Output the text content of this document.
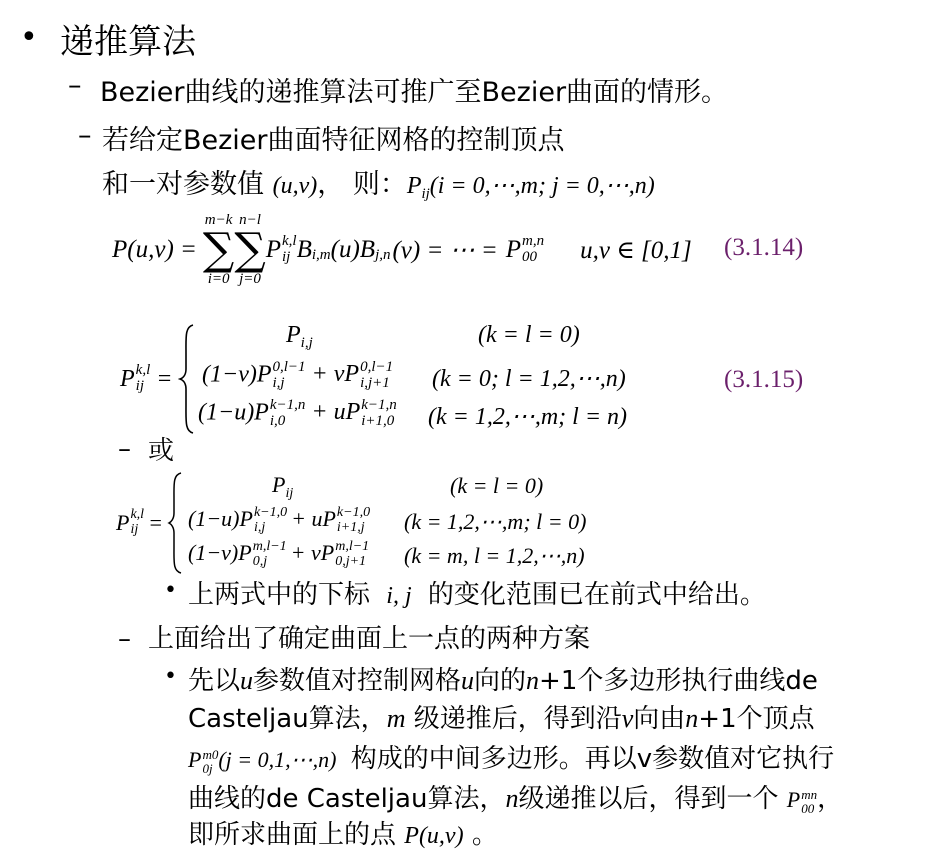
• 递推算法
– Bezier曲线的递推算法可推广至Bezier曲面的情形。
– 若给定Bezier曲面特征网格的控制顶点
和一对参数值 (u,v)， 则：$P_{ij}(i$ = 0,⋯,m; j = 0,⋯,n)
P(u,v) =
m−k
∑
i=0
n−l
∑
j=0
P k,l
ij $B_{i,m}$ (u) $B_{j,n}$ (v) = ⋯ = P m,n
00 u,v ∈ [0,1] (3.1.14)
P k,l
ij =
$P_{i,j}$	(k = l = 0)
(1−v)P 0,l−1
i,j	+ vP 0,l−1
i,j+1 (k = 0; l = 1,2,⋯,n)
(1−u)P k−1,n
i,0	+ uP k−1,n
i+1,0 (k = 1,2,⋯,m; l = n)
(3.1.15)
– 或
P k,l
ij =
$P_{ij}$	(k = l = 0)
(1−u)P k−1,0
i,j	+ uP k−1,0
i+1,j (k = 1,2,⋯,m; l = 0)
(1−v)P m,l−1
0,j	+ vP m,l−1
0,j+1 (k = m, l = 1,2,⋯,n)
• 上两式中的下标 i, j 的变化范围已在前式中给出。
– 上面给出了确定曲面上一点的两种方案
• 先以u参数值对控制网格u向的n+1个多边形执行曲线de
Casteljau算法，m 级递推后，得到沿v向由n+1个顶点
P m0
0j (j = 0,1,⋯,n) 构成的中间多边形。再以v参数值对它执行
曲线的de Casteljau算法，n级递推以后，得到一个 P mn
00 ，
即所求曲面上的点 P(u,v) 。
